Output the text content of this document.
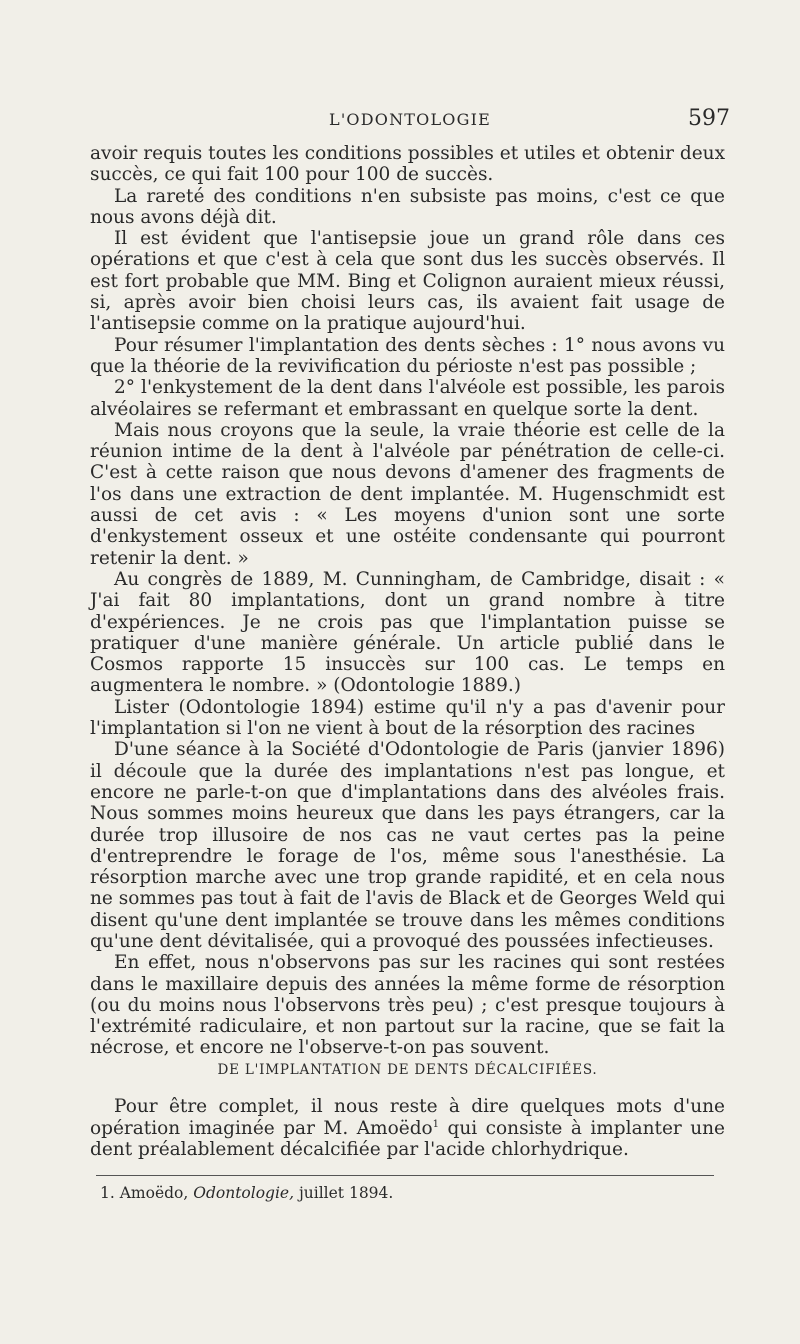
L'ODONTOLOGIE	597

avoir requis toutes les conditions possibles et utiles et obtenir deux succès, ce qui fait 100 pour 100 de succès.

La rareté des conditions n'en subsiste pas moins, c'est ce que nous avons déjà dit.

Il est évident que l'antisepsie joue un grand rôle dans ces opérations et que c'est à cela que sont dus les succès observés. Il est fort probable que MM. Bing et Colignon auraient mieux réussi, si, après avoir bien choisi leurs cas, ils avaient fait usage de l'antisepsie comme on la pratique aujourd'hui.

Pour résumer l'implantation des dents sèches : 1° nous avons vu que la théorie de la revivification du périoste n'est pas possible ;

2° l'enkystement de la dent dans l'alvéole est possible, les parois alvéolaires se refermant et embrassant en quelque sorte la dent.

Mais nous croyons que la seule, la vraie théorie est celle de la réunion intime de la dent à l'alvéole par pénétration de celle-ci. C'est à cette raison que nous devons d'amener des fragments de l'os dans une extraction de dent implantée. M. Hugenschmidt est aussi de cet avis : « Les moyens d'union sont une sorte d'enkystement osseux et une ostéite condensante qui pourront retenir la dent. »

Au congrès de 1889, M. Cunningham, de Cambridge, disait : « J'ai fait 80 implantations, dont un grand nombre à titre d'expériences. Je ne crois pas que l'implantation puisse se pratiquer d'une manière générale. Un article publié dans le Cosmos rapporte 15 insuccès sur 100 cas. Le temps en augmentera le nombre. » (Odontologie 1889.)

Lister (Odontologie 1894) estime qu'il n'y a pas d'avenir pour l'implantation si l'on ne vient à bout de la résorption des racines

D'une séance à la Société d'Odontologie de Paris (janvier 1896) il découle que la durée des implantations n'est pas longue, et encore ne parle-t-on que d'implantations dans des alvéoles frais. Nous sommes moins heureux que dans les pays étrangers, car la durée trop illusoire de nos cas ne vaut certes pas la peine d'entreprendre le forage de l'os, même sous l'anesthésie. La résorption marche avec une trop grande rapidité, et en cela nous ne sommes pas tout à fait de l'avis de Black et de Georges Weld qui disent qu'une dent implantée se trouve dans les mêmes conditions qu'une dent dévitalisée, qui a provoqué des poussées infectieuses.

En effet, nous n'observons pas sur les racines qui sont restées dans le maxillaire depuis des années la même forme de résorption (ou du moins nous l'observons très peu) ; c'est presque toujours à l'extrémité radiculaire, et non partout sur la racine, que se fait la nécrose, et encore ne l'observe-t-on pas souvent.

DE L'IMPLANTATION DE DENTS DÉCALCIFIÉES.

Pour être complet, il nous reste à dire quelques mots d'une opération imaginée par M. Amoëdo$^1$ qui consiste à implanter une dent préalablement décalcifiée par l'acide chlorhydrique.

1. Amoëdo, Odontologie, juillet 1894.
